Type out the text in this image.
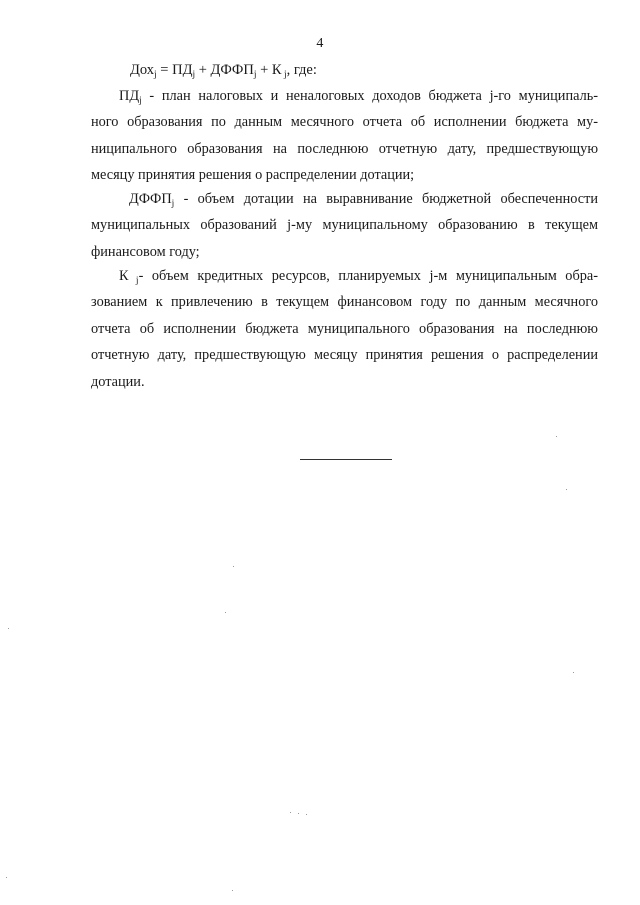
4
$Дох_j = ПД_j$ + $ДФФП_j + К$ $_j$, где:
$ПД_j$ - план налоговых и неналоговых доходов бюджета j-го муниципаль-
ного образования по данным месячного отчета об исполнении бюджета му-
ниципального образования на последнюю отчетную дату, предшествующую
месяцу принятия решения о распределении дотации;
$ДФФП_j$ - объем дотации на выравнивание бюджетной обеспеченности
муниципальных образований j-му муниципальному образованию в текущем
финансовом году;
К $_j$- объем кредитных ресурсов, планируемых j-м муниципальным обра-
зованием к привлечению в текущем финансовом году по данным месячного
отчета об исполнении бюджета муниципального образования на последнюю
отчетную дату, предшествующую месяцу принятия решения о распределении
дотации.
